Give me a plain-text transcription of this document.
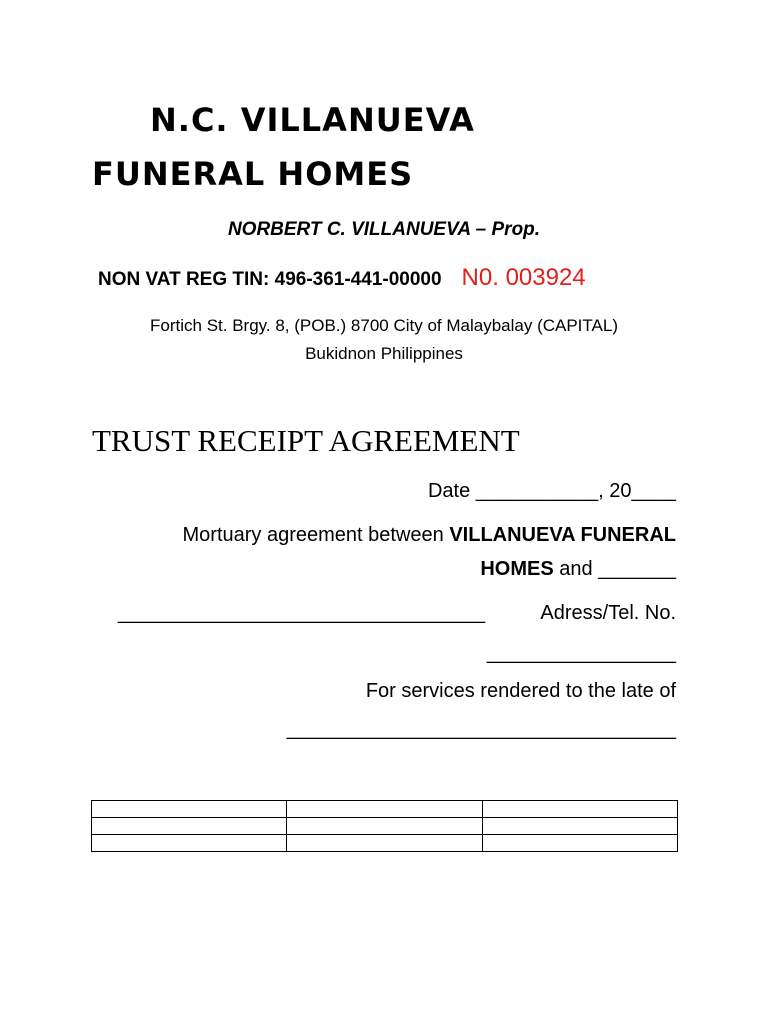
N.C. VILLANUEVA
FUNERAL HOMES
NORBERT C. VILLANUEVA – Prop.
NON VAT REG TIN: 496-361-441-00000 N0. 003924
Fortich St. Brgy. 8, (POB.) 8700 City of Malaybalay (CAPITAL)
Bukidnon Philippines
TRUST RECEIPT AGREEMENT
Date ___________, 20____
Mortuary agreement between VILLANUEVA FUNERAL
HOMES and _______
_________________________________	Adress/Tel. No.
_________________
For services rendered to the late of
___________________________________
